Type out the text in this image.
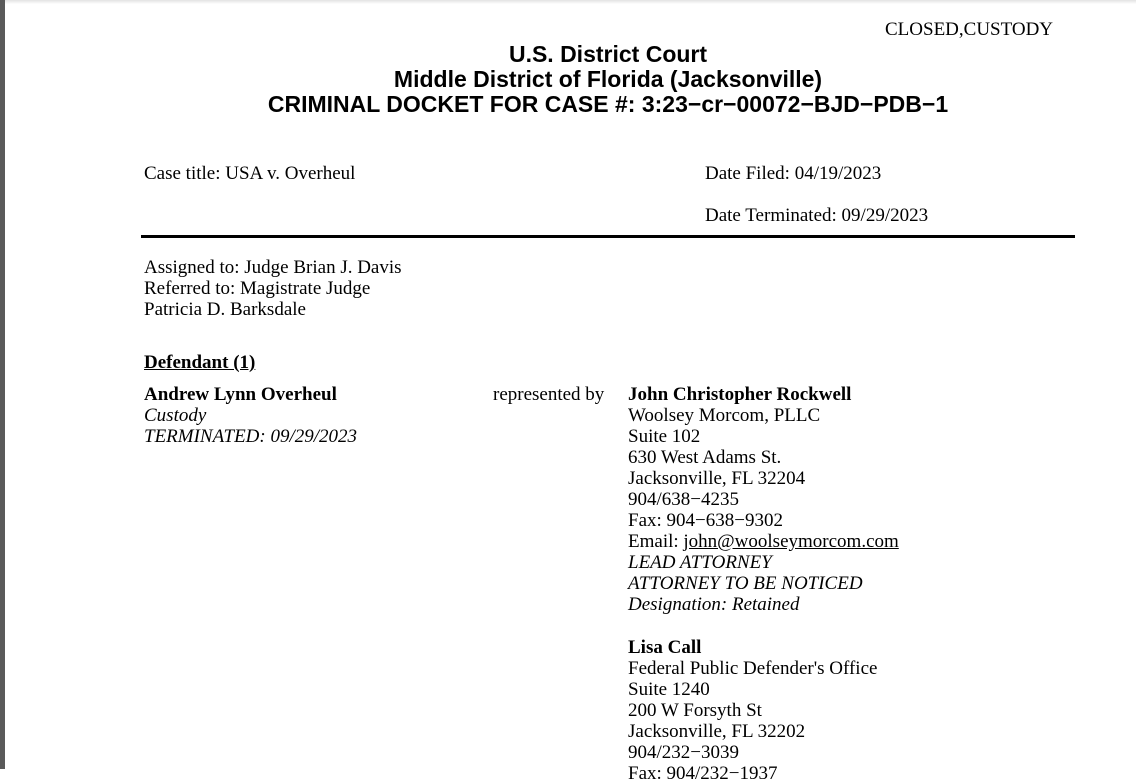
CLOSED,CUSTODY
U.S. District Court
Middle District of Florida (Jacksonville)
CRIMINAL DOCKET FOR CASE #: 3:23−cr−00072−BJD−PDB−1
Case title: USA v. Overheul	Date Filed: 04/19/2023
Date Terminated: 09/29/2023
Assigned to: Judge Brian J. Davis
Referred to: Magistrate Judge
Patricia D. Barksdale
Defendant (1)
Andrew Lynn Overheul
Custody
TERMINATED: 09/29/2023
represented by John Christopher Rockwell
Woolsey Morcom, PLLC
Suite 102
630 West Adams St.
Jacksonville, FL 32204
904/638−4235
Fax: 904−638−9302
Email: john@woolseymorcom.com
LEAD ATTORNEY
ATTORNEY TO BE NOTICED
Designation: Retained
Lisa Call
Federal Public Defender's Office
Suite 1240
200 W Forsyth St
Jacksonville, FL 32202
904/232−3039
Fax: 904/232−1937
